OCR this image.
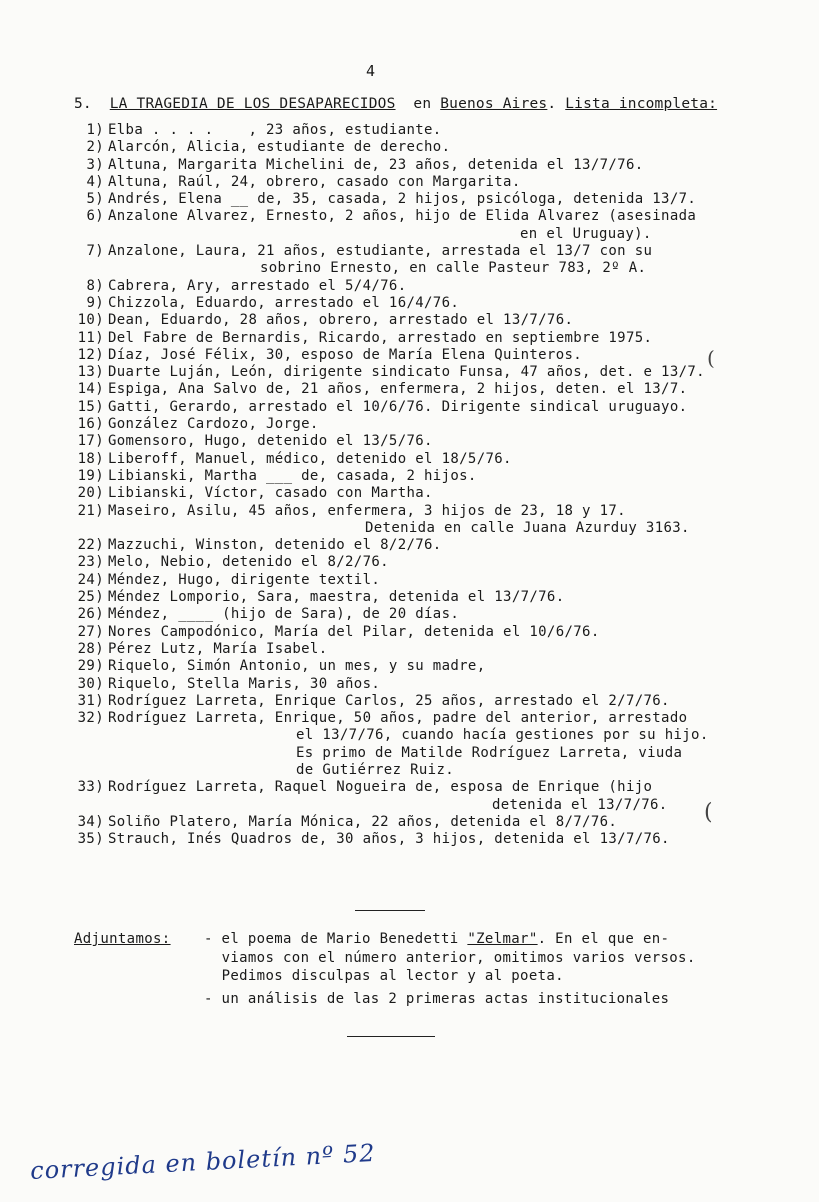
4
5. LA TRAGEDIA DE LOS DESAPARECIDOS en Buenos Aires. Lista incompleta:
1) Elba . . . .    , 23 años, estudiante.
2) Alarcón, Alicia, estudiante de derecho.
3) Altuna, Margarita Michelini de, 23 años, detenida el 13/7/76.
4) Altuna, Raúl, 24, obrero, casado con Margarita.
5) Andrés, Elena __ de, 35, casada, 2 hijos, psicóloga, detenida 13/7.
6) Anzalone Alvarez, Ernesto, 2 años, hijo de Elida Alvarez (asesinada
en el Uruguay).
7) Anzalone, Laura, 21 años, estudiante, arrestada el 13/7 con su
sobrino Ernesto, en calle Pasteur 783, 2º A.
8) Cabrera, Ary, arrestado el 5/4/76.
9) Chizzola, Eduardo, arrestado el 16/4/76.
10) Dean, Eduardo, 28 años, obrero, arrestado el 13/7/76.
11) Del Fabre de Bernardis, Ricardo, arrestado en septiembre 1975.
12) Díaz, José Félix, 30, esposo de María Elena Quinteros.
13) Duarte Luján, León, dirigente sindicato Funsa, 47 años, det. e 13/7.
14) Espiga, Ana Salvo de, 21 años, enfermera, 2 hijos, deten. el 13/7.
15) Gatti, Gerardo, arrestado el 10/6/76. Dirigente sindical uruguayo.
16) González Cardozo, Jorge.
17) Gomensoro, Hugo, detenido el 13/5/76.
18) Liberoff, Manuel, médico, detenido el 18/5/76.
19) Libianski, Martha ___ de, casada, 2 hijos.
20) Libianski, Víctor, casado con Martha.
21) Maseiro, Asilu, 45 años, enfermera, 3 hijos de 23, 18 y 17.
Detenida en calle Juana Azurduy 3163.
22) Mazzuchi, Winston, detenido el 8/2/76.
23) Melo, Nebio, detenido el 8/2/76.
24) Méndez, Hugo, dirigente textil.
25) Méndez Lomporio, Sara, maestra, detenida el 13/7/76.
26) Méndez, ____ (hijo de Sara), de 20 días.
27) Nores Campodónico, María del Pilar, detenida el 10/6/76.
28) Pérez Lutz, María Isabel.
29) Riquelo, Simón Antonio, un mes, y su madre,
30) Riquelo, Stella Maris, 30 años.
31) Rodríguez Larreta, Enrique Carlos, 25 años, arrestado el 2/7/76.
32) Rodríguez Larreta, Enrique, 50 años, padre del anterior, arrestado
el 13/7/76, cuando hacía gestiones por su hijo.
Es primo de Matilde Rodríguez Larreta, viuda
de Gutiérrez Ruiz.
33) Rodríguez Larreta, Raquel Nogueira de, esposa de Enrique (hijo
detenida el 13/7/76.
34) Soliño Platero, María Mónica, 22 años, detenida el 8/7/76.
35) Strauch, Inés Quadros de, 30 años, 3 hijos, detenida el 13/7/76.
(
(
Adjuntamos: - el poema de Mario Benedetti "Zelmar". En el que en-
viamos con el número anterior, omitimos varios versos.
Pedimos disculpas al lector y al poeta.
- un análisis de las 2 primeras actas institucionales
corregida en boletín nº 52
